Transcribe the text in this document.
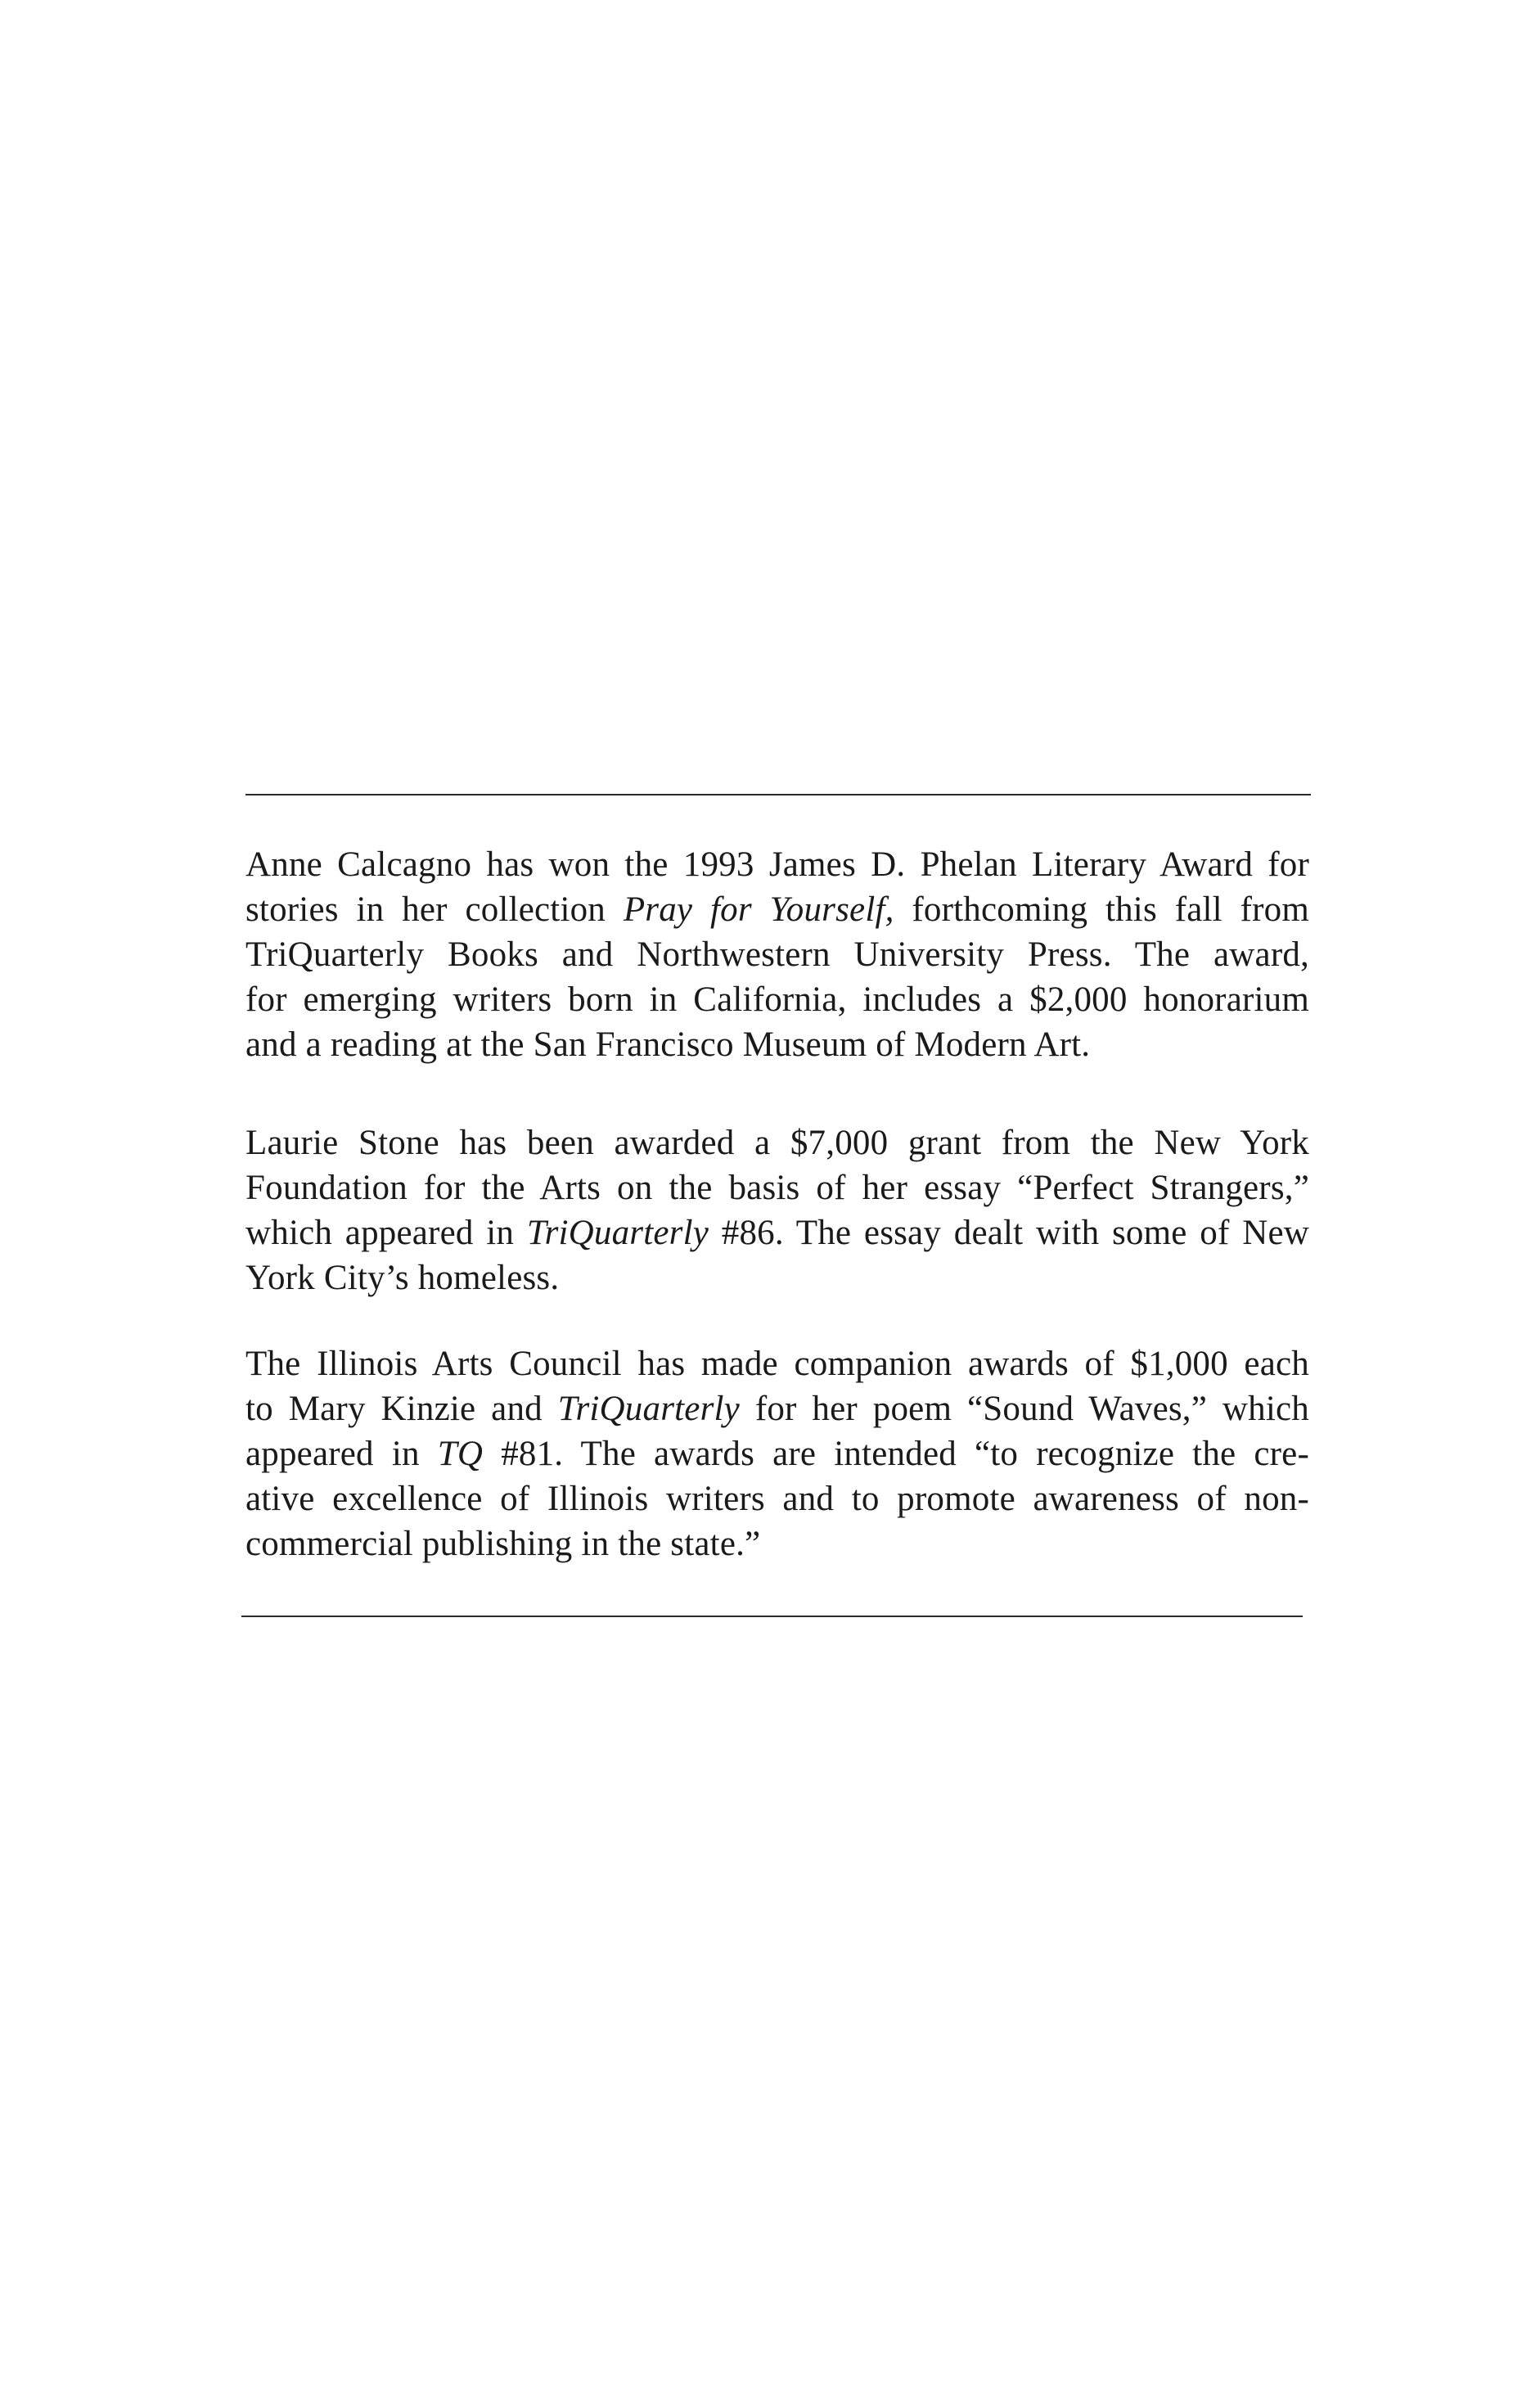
Anne Calcagno has won the 1993 James D. Phelan Literary Award for
stories in her collection Pray for Yourself, forthcoming this fall from
TriQuarterly Books and Northwestern University Press. The award,
for emerging writers born in California, includes a $2,000 honorarium
and a reading at the San Francisco Museum of Modern Art.
Laurie Stone has been awarded a $7,000 grant from the New York
Foundation for the Arts on the basis of her essay “Perfect Strangers,”
which appeared in TriQuarterly #86. The essay dealt with some of New
York City’s homeless.
The Illinois Arts Council has made companion awards of $1,000 each
to Mary Kinzie and TriQuarterly for her poem “Sound Waves,” which
appeared in TQ #81. The awards are intended “to recognize the cre-
ative excellence of Illinois writers and to promote awareness of non-
commercial publishing in the state.”
